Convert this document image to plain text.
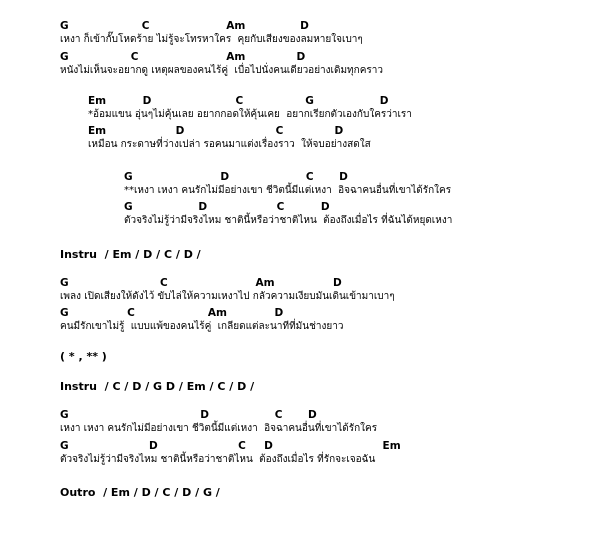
G                    C                     Am               D
เหงา ก็เข้ากั๊บโหดร้าย ไม่รู้จะโทรหาใคร  คุยกับเสียงของลมหายใจเบาๆ
G                 C                        Am              D
หนังไม่เห็นจะอยากดู เหตุผลของคนไร้คู่  เบื่อไปนั่งคนเดียวอย่างเดิมทุกคราว
Em          D                       C                 G                  D
*อ้อมแขน อุ่นๆไม่คุ้นเลย อยากกอดให้คุ้นเคย  อยากเรียกตัวเองกับใครว่าเรา
Em                   D                         C              D
เหมือน กระดาษที่ว่างเปล่า รอคนมาแต่งเรื่องราว  ให้จบอย่างสดใส
G                        D                     C       D
**เหงา เหงา คนรักไม่มีอย่างเขา ชีวิตนี้มีแต่เหงา  อิจฉาคนอื่นที่เขาได้รักใคร
G                  D                   C          D
ตัวจริงไม่รู้ว่ามีจริงไหม ชาตินี้หรือว่าชาติไหน  ต้องถึงเมื่อไร ที่ฉันได้หยุดเหงา
Instru  / Em / D / C / D /
G                         C                        Am                D
เพลง เปิดเสียงให้ดังไว้ ขับไล่ให้ความเหงาไป กลัวความเงียบมันเดินเข้ามาเบาๆ
G                C                    Am             D
คนมีรักเขาไม่รู้  แบบแพ้ของคนไร้คู่  เกลียดแต่ละนาทีที่มันช่างยาว
( * , ** )
Instru  / C / D / G D / Em / C / D /
G                                    D                  C       D
เหงา เหงา คนรักไม่มีอย่างเขา ชีวิตนี้มีแต่เหงา  อิจฉาคนอื่นที่เขาได้รักใคร
G                      D                      C     D                              Em
ตัวจริงไม่รู้ว่ามีจริงไหม ชาตินี้หรือว่าชาติไหน  ต้องถึงเมื่อไร ที่รักจะเจอฉัน
Outro  / Em / D / C / D / G /
